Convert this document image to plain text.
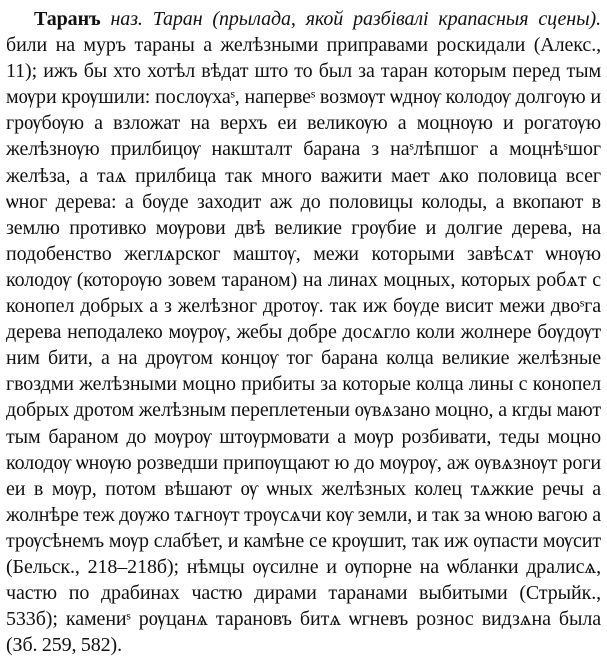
Таранъ наз. Таран (прылада, якой разбівалі крапасныя сцены). били на муръ тараны а желѣзными приправами роскидали (Алекс., 11); ижъ бы хто хотѣл вѣдат што то был за таран которым перед тым мѹри крѹшили: послѹхаˢ, напервеˢ возмѹт ѡднѹ колодѹ долгѹю и грѹбѹю а взложат на верхъ еи великѹю а мοцнѹю и рогатѹю желѣзнѹю прилбицѹ накшталт барана з наˢлѣпшог а моцнѣˢшог желѣза, а таѧ прилбица так много важити мает ѧко половица всег ѡног дерева: а бѹде заходит аж до половицы колоды, а вкопают в землю противко мѹрови двѣ великие грѹбие и долгие дерева, на подобенство жеглѧрског маштѹ, межи которыми завѣсѧт ѡнѹю колодѹ (которѹю зовем тараном) на линах моцных, которых робѧт с конопел добрых а з желѣзног дротѹ. так иж бѹде висит межи двоˢга дерева неподалеко мѹрѹ, жебы добре досѧгло коли жолнере бѹдѹт ним бити, а на дрѹгом концѹ тог барана колца великие желѣзные гвоздми желѣзными мοцно прибиты за которые колца лины с конопел добрых дротом желѣзным переплетеныи ѹвѧзано моцно, а кгды мают тым бараном до мѹрѹ штѹрмовати а мѹр розбивати, теды моцно колодѹ ѡнѹю розведши припѹщают ю до мѹрѹ, аж ѹвѧзнѹт роги еи в мѹр, потом вѣшают ѹ ѡных желѣзных колец тѧжкие речы а жолнѣре теж дѹжо тѧгнѹт трѹсѧчи кѹ земли, и так за ѡною вагою а трѹсѣнемъ мѹр слабѣет, и камѣне се крѹшит, так иж ѹпасти мѹсит (Бельск., 218–218б); нѣмцы ѹсилне и ѹпорне на ѡбланки дралисѧ, частю по драбинах частю дирами таранами выбитыми (Стрыйк., 533б); камениˢ рѹцанѧ тарановъ битѧ ѡгневъ рознос видзѧна была (Зб. 259, 582).
